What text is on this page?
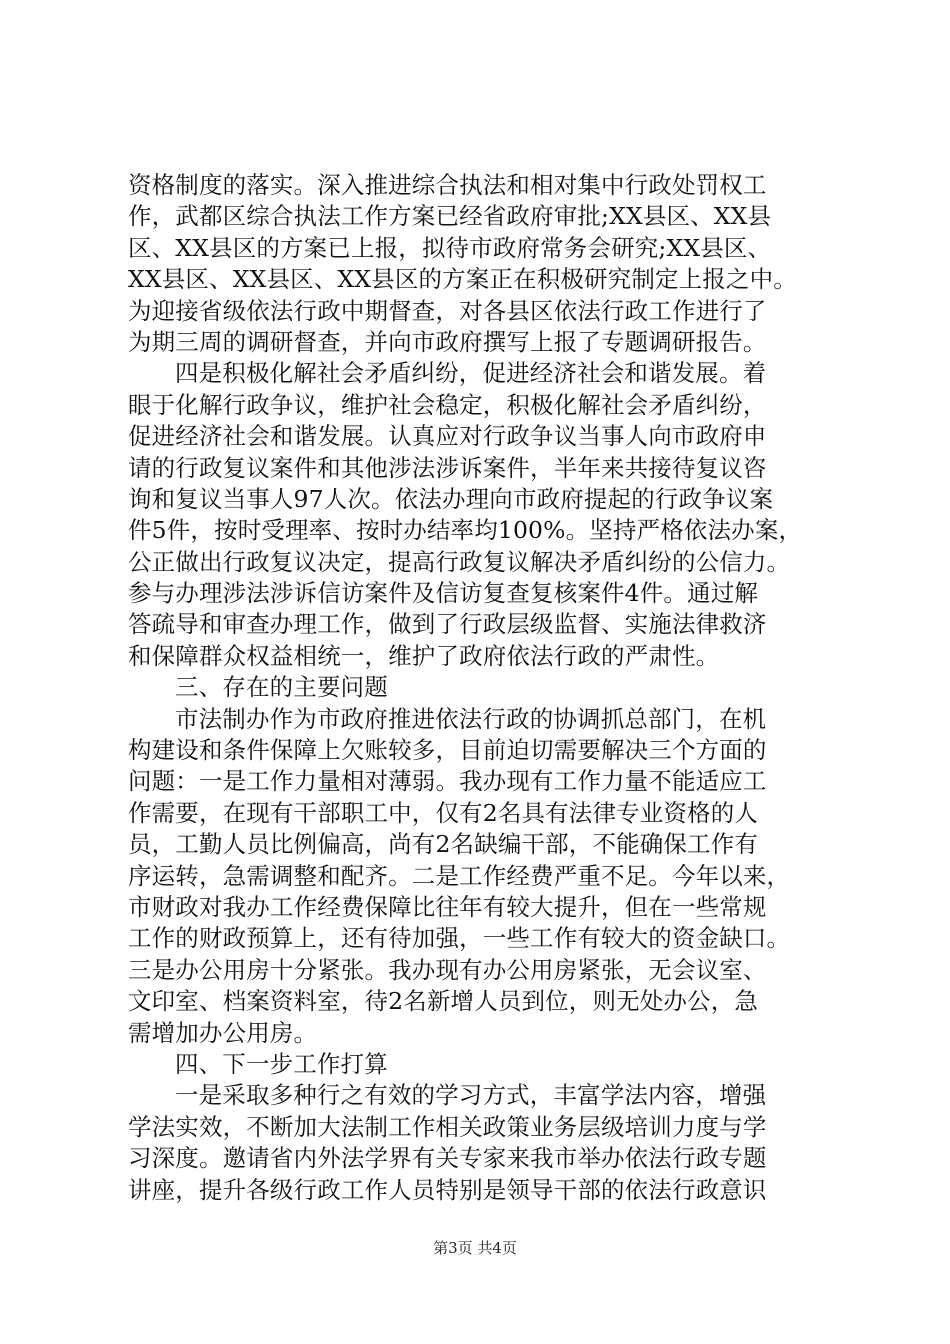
资格制度的落实。深入推进综合执法和相对集中行政处罚权工
作，武都区综合执法工作方案已经省政府审批;XX县区、XX县
区、XX县区的方案已上报，拟待市政府常务会研究;XX县区、
XX县区、XX县区、XX县区的方案正在积极研究制定上报之中。
为迎接省级依法行政中期督查，对各县区依法行政工作进行了
为期三周的调研督查，并向市政府撰写上报了专题调研报告。
四是积极化解社会矛盾纠纷，促进经济社会和谐发展。着
眼于化解行政争议，维护社会稳定，积极化解社会矛盾纠纷，
促进经济社会和谐发展。认真应对行政争议当事人向市政府申
请的行政复议案件和其他涉法涉诉案件，半年来共接待复议咨
询和复议当事人97人次。依法办理向市政府提起的行政争议案
件5件，按时受理率、按时办结率均100%。坚持严格依法办案，
公正做出行政复议决定，提高行政复议解决矛盾纠纷的公信力。
参与办理涉法涉诉信访案件及信访复查复核案件4件。通过解
答疏导和审查办理工作，做到了行政层级监督、实施法律救济
和保障群众权益相统一，维护了政府依法行政的严肃性。
三、存在的主要问题
市法制办作为市政府推进依法行政的协调抓总部门，在机
构建设和条件保障上欠账较多，目前迫切需要解决三个方面的
问题：一是工作力量相对薄弱。我办现有工作力量不能适应工
作需要，在现有干部职工中，仅有2名具有法律专业资格的人
员，工勤人员比例偏高，尚有2名缺编干部，不能确保工作有
序运转，急需调整和配齐。二是工作经费严重不足。今年以来，
市财政对我办工作经费保障比往年有较大提升，但在一些常规
工作的财政预算上，还有待加强，一些工作有较大的资金缺口。
三是办公用房十分紧张。我办现有办公用房紧张，无会议室、
文印室、档案资料室，待2名新增人员到位，则无处办公，急
需增加办公用房。
四、下一步工作打算
一是采取多种行之有效的学习方式，丰富学法内容，增强
学法实效，不断加大法制工作相关政策业务层级培训力度与学
习深度。邀请省内外法学界有关专家来我市举办依法行政专题
讲座，提升各级行政工作人员特别是领导干部的依法行政意识
第3页 共4页
